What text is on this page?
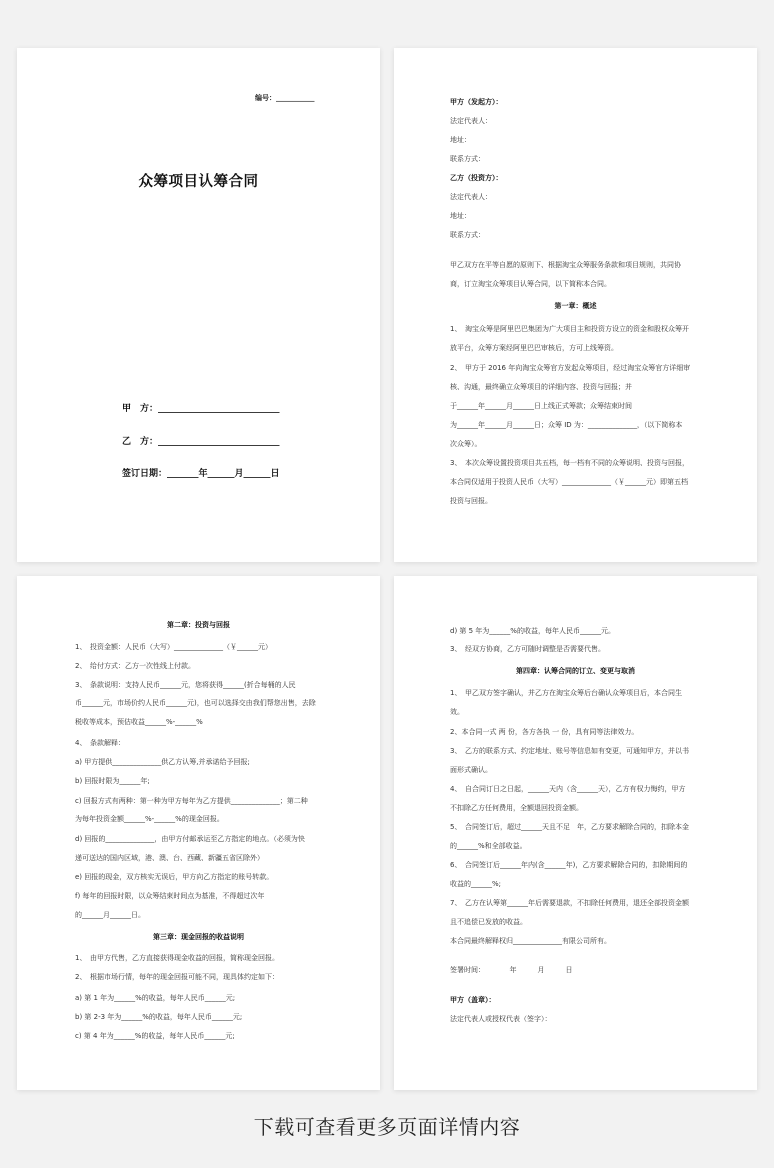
编号：___________
众筹项目认筹合同
甲　方：___________________________
乙　方：___________________________
签订日期：_______年______月______日
甲方（发起方）：
法定代表人：
地址：
联系方式：
乙方（投资方）：
法定代表人：
地址：
联系方式：
甲乙双方在平等自愿的原则下、根据淘宝众筹服务条款和项目规则，共同协
商，订立淘宝众筹项目认筹合同，以下简称本合同。
第一章：概述
1、　淘宝众筹是阿里巴巴集团为广大项目主和投资方设立的资金和股权众筹开
放平台，众筹方案经阿里巴巴审核后，方可上线筹资。
2、　甲方于 2016 年向淘宝众筹官方发起众筹项目，经过淘宝众筹官方详细审
核、沟通，最终确立众筹项目的详细内容、投资与回报；并
于______年______月______日上线正式筹款；众筹结束时间
为______年______月______日；众筹 ID 为：______________，（以下简称本
次众筹）。
3、　本次众筹设置投资项目共五档，每一档有不同的众筹说明、投资与回报，
本合同仅适用于投资人民币（大写）______________（￥______元）即第五档
投资与回报。
第二章：投资与回报
1、　投资金额：人民币（大写）______________（￥______元）
2、　给付方式：乙方一次性线上付款。
3、　条款说明：支持人民币______元，您将获得______(折合每桶的人民
币______元，市场价约人民币______元)，也可以选择交由我们帮您出售，去除
税收等成本，预估收益______%-______%
4、　条款解释：
a) 甲方提供______________供乙方认筹,并承诺给予回报;
b) 回报时限为______年;
c) 回报方式有两种：第一种为甲方每年为乙方提供______________；第二种
为每年投资金额______%-______%的现金回报。
d) 回报的______________，由甲方付邮承运至乙方指定的地点。（必须为快
递可送达的国内区域，港、澳、台、西藏、新疆五省区除外）
e) 回报的现金，双方核实无误后，甲方向乙方指定的账号转款。
f) 每年的回报时限，以众筹结束时间点为基准，不得超过次年
的______月______日。
第三章：现金回报的收益说明
1、　由甲方代售，乙方直接获得现金收益的回报，简称现金回报。
2、　根据市场行情，每年的现金回报可能不同，现具体约定如下：
a) 第 1 年为______%的收益，每年人民币______元;
b) 第 2-3 年为______%的收益，每年人民币______元;
c) 第 4 年为______%的收益，每年人民币______元;
d) 第 5 年为______%的收益，每年人民币______元。
3、　经双方协商，乙方可随时调整是否需要代售。
第四章：认筹合同的订立、变更与取消
1、　甲乙双方签字确认，并乙方在淘宝众筹后台确认众筹项目后，本合同生
效。
2、本合同一式 两 份，各方各执 一 份，具有同等法律效力。
3、　乙方的联系方式、约定地址、账号等信息如有变更，可通知甲方，并以书
面形式确认。
4、　自合同订日之日起，______天内（含______天），乙方有权力悔约，甲方
不扣除乙方任何费用，全额退回投资金额。
5、　合同签订后，超过______天且不足　年，乙方要求解除合同的，扣除本金
的______%和全部收益。
6、　合同签订后______年内(含______年)，乙方要求解除合同的，扣除期间的
收益的______%;
7、　乙方在认筹第______年后需要退款，不扣除任何费用，退还全部投资金额
且不追偿已发放的收益。
本合同最终解释权归______________有限公司所有。
签署时间：　　　　年　　　月　　　日
甲方（盖章）：
法定代表人或授权代表（签字）：
下载可查看更多页面详情内容
